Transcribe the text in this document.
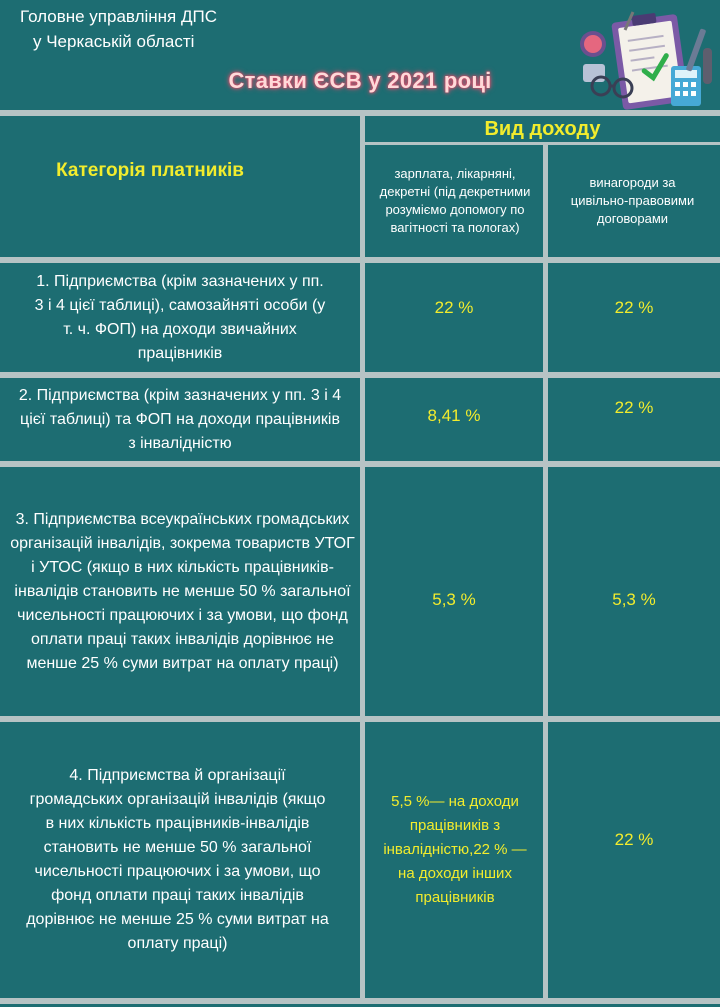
Головне управління ДПС
у Черкаській області
Ставки ЄСВ у 2021 році
Категорія платників
Вид доходу
зарплата, лікарняні, декретні (під декретними розуміємо допомогу по вагітності та пологах)
винагороди за цивільно-правовими договорами
1. Підприємства (крім зазначених у пп. 3 і 4 цієї таблиці), самозайняті особи (у т. ч. ФОП) на доходи звичайних працівників
22 %	22 %
2. Підприємства (крім зазначених у пп. 3 і 4 цієї таблиці) та ФОП на доходи працівників з інвалідністю
8,41 %	22 %
3. Підприємства всеукраїнських громадських організацій інвалідів, зокрема товариств УТОГ і УТОС (якщо в них кількість працівників-інвалідів становить не менше 50 % загальної чисельності працюючих і за умови, що фонд оплати праці таких інвалідів дорівнює не менше 25 % суми витрат на оплату праці)
5,3 %	5,3 %
4. Підприємства й організації громадських організацій інвалідів (якщо в них кількість працівників-інвалідів становить не менше 50 % загальної чисельності працюючих і за умови, що фонд оплати праці таких інвалідів дорівнює не менше 25 % суми витрат на оплату праці)
5,5 %— на доходи працівників з інвалідністю,22 % — на доходи інших працівників
22 %
